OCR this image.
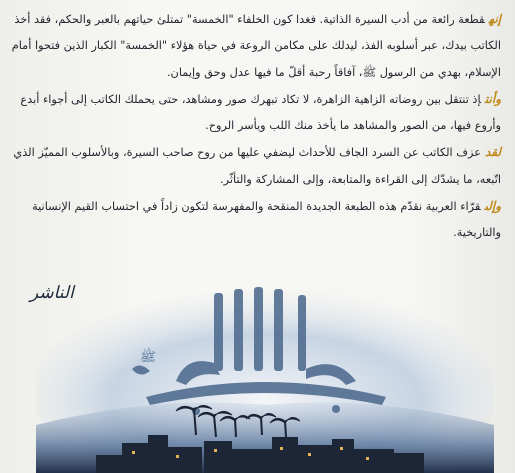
إنهقطعة رائعة من أدب السيرة الذاتية. فغدا كون الخلفاء "الخمسة" تمتلئ حياتهم بالعبر والحكم، فقد أخذ الكاتب بيدك، عبر أسلوبه الفذ، ليدلك على مكامن الروعة في حياة هؤلاء "الخمسة" الكبار الذين فتحوا أمام الإسلام، بهدي من الرسول ﷺ، آفاقاً رحبة أقلّ ما فيها عدل وحق وإيمان.

وأنتإذ تنتقل بين روضاته الزاهية الزاهرة، لا تكاد تبهرك صور ومشاهد، حتى يحملك الكاتب إلى أجواء أبدع وأروع فيها، من الصور والمشاهد ما يأخذ منك اللب ويأسر الروح.

لقدعزف الكاتب عن السرد الجاف للأحداث ليضفي عليها من روح صاحب السيرة، وبالأسلوب المميّز الذي اتّبعه، ما يشدّك إلى القراءة والمتابعة، وإلى المشاركة والتأثّر.

وإلىقرّاء العربية نقدّم هذه الطبعة الجديدة المنقحة والمفهرسة لتكون زاداً في احتساب القيم الإنسانية والتاريخية.

ﷺ
الناشر
